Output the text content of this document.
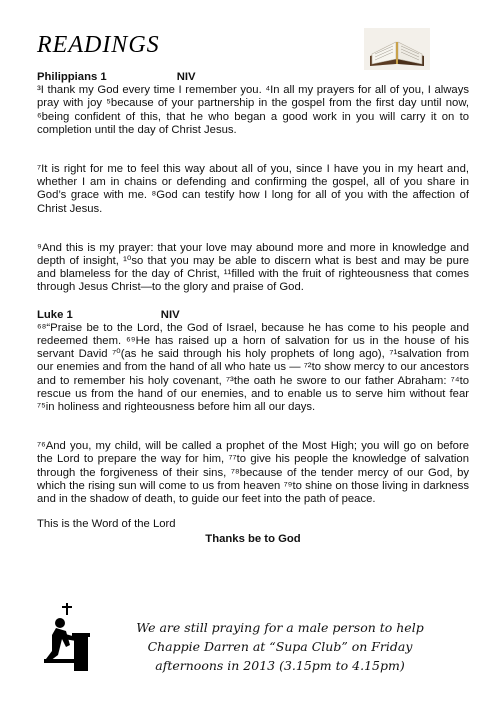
READINGS
Philippians 1	NIV

³I thank my God every time I remember you. ⁴In all my prayers for all of you, I always pray with joy ⁵because of your partnership in the gospel from the first day until now, ⁶being confident of this, that he who began a good work in you will carry it on to completion until the day of Christ Jesus.

⁷It is right for me to feel this way about all of you, since I have you in my heart and, whether I am in chains or defending and confirming the gospel, all of you share in God’s grace with me. ⁸God can testify how I long for all of you with the affection of Christ Jesus.

⁹And this is my prayer: that your love may abound more and more in knowledge and depth of insight, ¹⁰so that you may be able to discern what is best and may be pure and blameless for the day of Christ, ¹¹filled with the fruit of righteousness that comes through Jesus Christ—to the glory and praise of God.

Luke 1	NIV

⁶⁸“Praise be to the Lord, the God of Israel, because he has come to his people and redeemed them. ⁶⁹He has raised up a horn of salvation for us in the house of his servant David ⁷⁰(as he said through his holy prophets of long ago), ⁷¹salvation from our enemies and from the hand of all who hate us — ⁷²to show mercy to our ancestors and to remember his holy covenant, ⁷³the oath he swore to our father Abraham: ⁷⁴to rescue us from the hand of our enemies, and to enable us to serve him without fear ⁷⁵in holiness and righteousness before him all our days.

⁷⁶And you, my child, will be called a prophet of the Most High; you will go on before the Lord to prepare the way for him, ⁷⁷to give his people the knowledge of salvation through the forgiveness of their sins, ⁷⁸because of the tender mercy of our God, by which the rising sun will come to us from heaven ⁷⁹to shine on those living in darkness and in the shadow of death, to guide our feet into the path of peace.

This is the Word of the Lord

Thanks be to God

We are still praying for a male person to help
Chappie Darren at “Supa Club” on Friday
afternoons in 2013 (3.15pm to 4.15pm)
